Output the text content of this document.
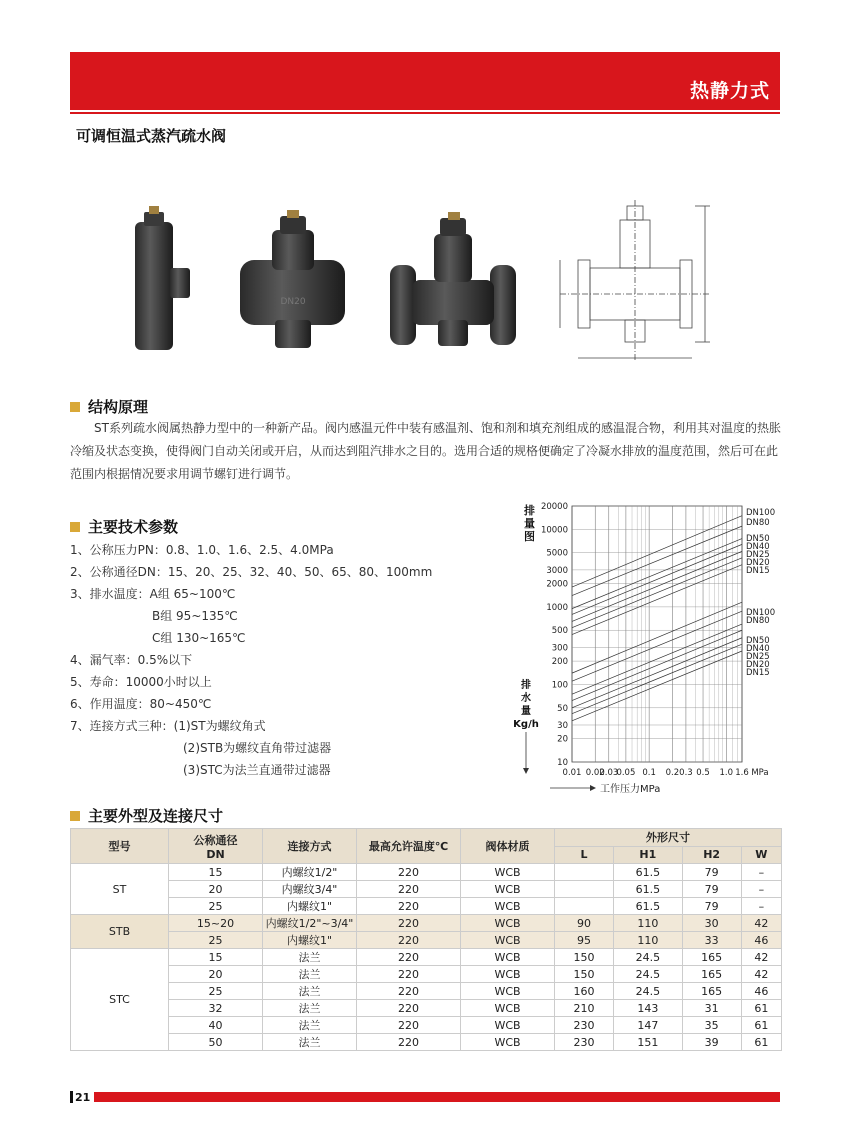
热静力式
可调恒温式蒸汽疏水阀
DN20
结构原理
ST系列疏水阀属热静力型中的一种新产品。阀内感温元件中装有感温剂、饱和剂和填充剂组成的感温混合物，利用其对温度的热胀冷缩及状态变换，使得阀门自动关闭或开启，从而达到阻汽排水之目的。选用合适的规格便确定了冷凝水排放的温度范围，然后可在此范围内根据情况要求用调节螺钉进行调节。
主要技术参数
1、公称压力PN：0.8、1.0、1.6、2.5、4.0MPa
2、公称通径DN：15、20、25、32、40、50、65、80、100mm
3、排水温度：A组 65~100℃
B组 95~135℃
C组 130~165℃
4、漏气率：0.5%以下
5、寿命：10000小时以上
6、作用温度：80~450℃
7、连接方式三种：(1)ST为螺纹角式
(2)STB为螺纹直角带过滤器
(3)STC为法兰直通带过滤器	0.01 0.02
0.03
0.05 0.1 0.2 0.3 0.5 1.0 1.6 MPa
20000
10000
5000
3000
2000
1000
500
300
200
100
50
30
20
10
DN100
DN80
DN50
DN40
DN25
DN20
DN15
DN100
DN80
DN50
DN40
DN25
DN20
DN15
排量图
排水量 Kg/h
工作压力MPa
主要外型及连接尺寸
型号	公称通径
DN	连接方式	最高允许温度℃	阀体材质	外形尺寸			
					L	H1	H2	W
ST	15	内螺纹1/2"	220	WCB		61.5	79	–
	20	内螺纹3/4"	220	WCB		61.5	79	–
	25	内螺纹1"	220	WCB		61.5	79	–
STB	15~20	内螺纹1/2"~3/4"	220	WCB	90	110	30	42
	25	内螺纹1"	220	WCB	95	110	33	46
STC	15	法兰	220	WCB	150	24.5	165	42
	20	法兰	220	WCB	150	24.5	165	42
	25	法兰	220	WCB	160	24.5	165	46
	32	法兰	220	WCB	210	143	31	61
	40	法兰	220	WCB	230	147	35	61
	50	法兰	220	WCB	230	151	39	61
21
